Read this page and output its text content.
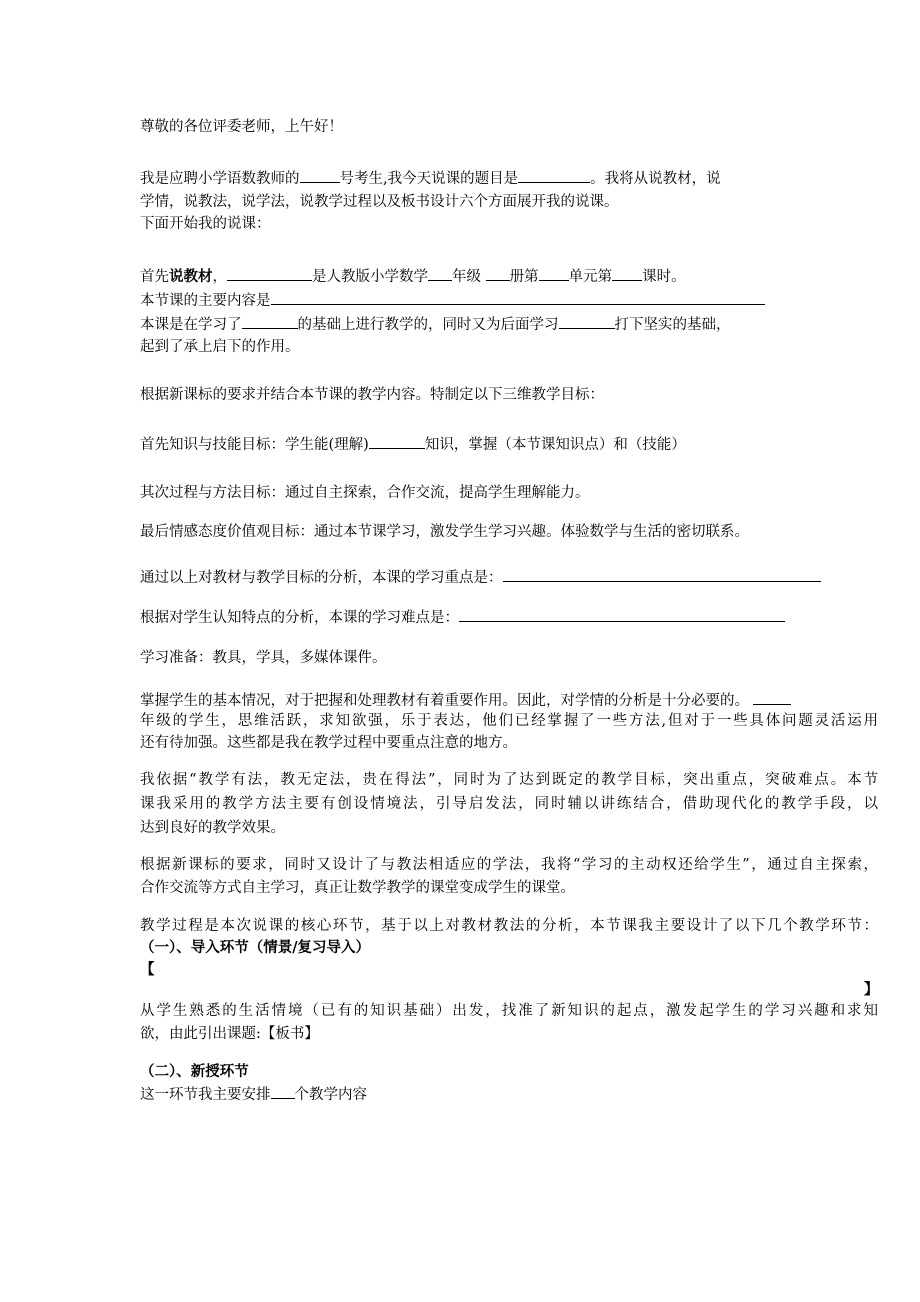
尊敬的各位评委老师，上午好！
我是应聘小学语数教师的	号考生,我今天说课的题目是	。我将从说教材，说
学情，说教法，说学法，说教学过程以及板书设计六个方面展开我的说课。
下面开始我的说课：
首先说教材，	是人教版小学数学 年级 册第 单元第 课时。
本节课的主要内容是
本课是在学习了	的基础上进行教学的，同时又为后面学习	打下坚实的基础，
起到了承上启下的作用。
根据新课标的要求并结合本节课的教学内容。特制定以下三维教学目标：
首先知识与技能目标：学生能(理解)	知识，掌握（本节课知识点）和（技能）
其次过程与方法目标：通过自主探索，合作交流，提高学生理解能力。
最后情感态度价值观目标：通过本节课学习，激发学生学习兴趣。体验数学与生活的密切联系。
通过以上对教材与教学目标的分析，本课的学习重点是：
根据对学生认知特点的分析，本课的学习难点是：
学习准备：教具，学具，多媒体课件。
掌握学生的基本情况，对于把握和处理教材有着重要作用。因此，对学情的分析是十分必要的。
年级的学生，思维活跃，求知欲强，乐于表达，他们已经掌握了一些方法,但对于一些具体问题灵活运用
还有待加强。这些都是我在教学过程中要重点注意的地方。
我依据“教学有法，教无定法，贵在得法”，同时为了达到既定的教学目标，突出重点，突破难点。本节
课我采用的教学方法主要有创设情境法，引导启发法，同时辅以讲练结合，借助现代化的教学手段，以
达到良好的教学效果。
根据新课标的要求，同时又设计了与教法相适应的学法，我将“学习的主动权还给学生”，通过自主探索，
合作交流等方式自主学习，真正让数学教学的课堂变成学生的课堂。
教学过程是本次说课的核心环节，基于以上对教材教法的分析，本节课我主要设计了以下几个教学环节：
（一）、导入环节（情景/复习导入）
【
】
从学生熟悉的生活情境（已有的知识基础）出发，找准了新知识的起点，激发起学生的学习兴趣和求知
欲，由此引出课题:【板书】
（二）、新授环节
这一环节我主要安排 个教学内容
